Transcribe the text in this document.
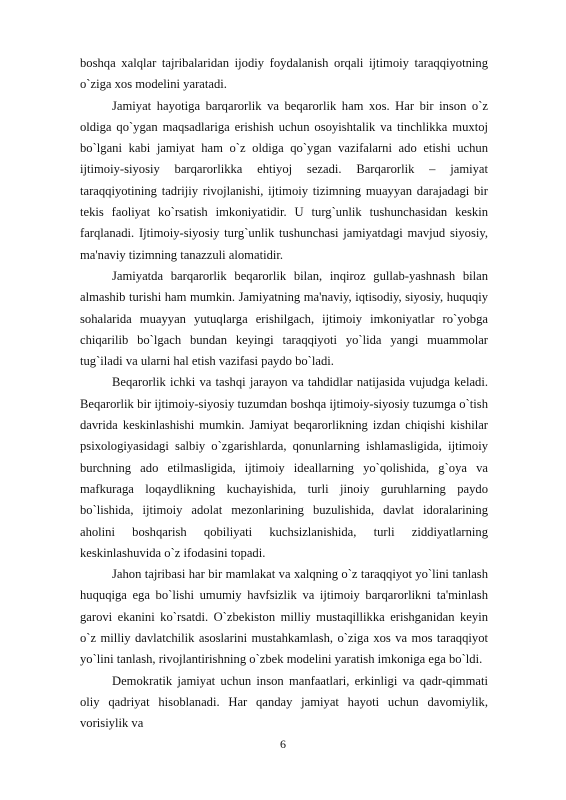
boshqa xalqlar tajribalaridan ijodiy foydalanish orqali ijtimoiy taraqqiyotning o`ziga xos modelini yaratadi.

Jamiyat hayotiga barqarorlik va beqarorlik ham xos. Har bir inson o`z oldiga qo`ygan maqsadlariga erishish uchun osoyishtalik va tinchlikka muxtoj bo`lgani kabi jamiyat ham o`z oldiga qo`ygan vazifalarni ado etishi uchun ijtimoiy-siyosiy barqarorlikka ehtiyoj sezadi. Barqarorlik – jamiyat taraqqiyotining tadrijiy rivojlanishi, ijtimoiy tizimning muayyan darajadagi bir tekis faoliyat ko`rsatish imkoniyatidir. U turg`unlik tushunchasidan keskin farqlanadi. Ijtimoiy-siyosiy turg`unlik tushunchasi jamiyatdagi mavjud siyosiy, ma'naviy tizimning tanazzuli alomatidir.

Jamiyatda barqarorlik beqarorlik bilan, inqiroz gullab-yashnash bilan almashib turishi ham mumkin. Jamiyatning ma'naviy, iqtisodiy, siyosiy, huquqiy sohalarida muayyan yutuqlarga erishilgach, ijtimoiy imkoniyatlar ro`yobga chiqarilib bo`lgach bundan keyingi taraqqiyoti yo`lida yangi muammolar tug`iladi va ularni hal etish vazifasi paydo bo`ladi.

Beqarorlik ichki va tashqi jarayon va tahdidlar natijasida vujudga keladi. Beqarorlik bir ijtimoiy-siyosiy tuzumdan boshqa ijtimoiy-siyosiy tuzumga o`tish davrida keskinlashishi mumkin. Jamiyat beqarorlikning izdan chiqishi kishilar psixologiyasidagi salbiy o`zgarishlarda, qonunlarning ishlamasligida, ijtimoiy burchning ado etilmasligida, ijtimoiy ideallarning yo`qolishida, g`oya va mafkuraga loqaydlikning kuchayishida, turli jinoiy guruhlarning paydo bo`lishida, ijtimoiy adolat mezonlarining buzulishida, davlat idoralarining aholini boshqarish qobiliyati kuchsizlanishida, turli ziddiyatlarning keskinlashuvida o`z ifodasini topadi.

Jahon tajribasi har bir mamlakat va xalqning o`z taraqqiyot yo`lini tanlash huquqiga ega bo`lishi umumiy havfsizlik va ijtimoiy barqarorlikni ta'minlash garovi ekanini ko`rsatdi. O`zbekiston milliy mustaqillikka erishganidan keyin o`z milliy davlatchilik asoslarini mustahkamlash, o`ziga xos va mos taraqqiyot yo`lini tanlash, rivojlantirishning o`zbek modelini yaratish imkoniga ega bo`ldi.

Demokratik jamiyat uchun inson manfaatlari, erkinligi va qadr-qimmati oliy qadriyat hisoblanadi. Har qanday jamiyat hayoti uchun davomiylik, vorisiylik va

6
